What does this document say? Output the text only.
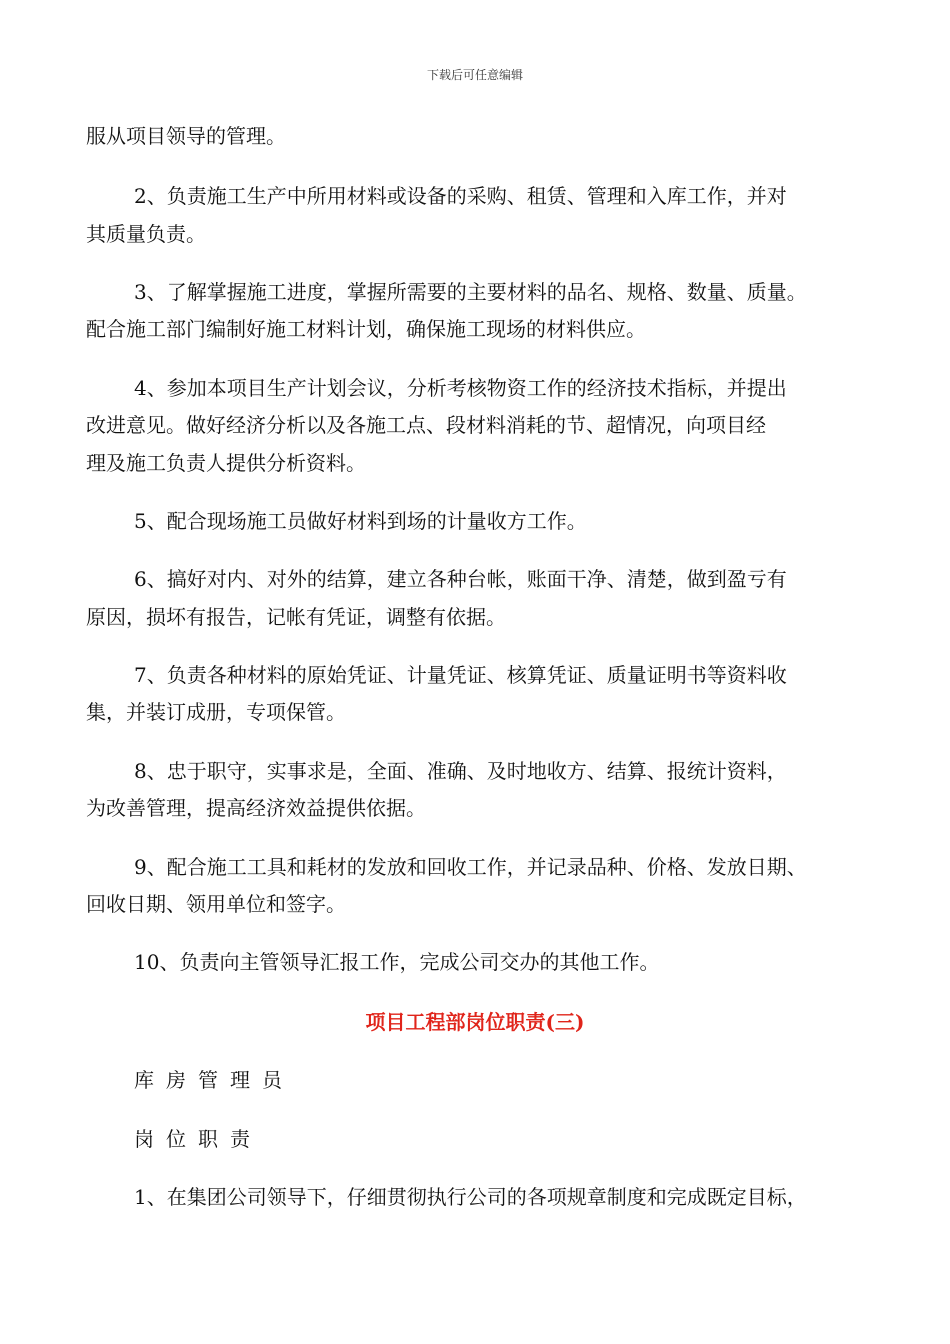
下载后可任意编辑
服从项目领导的管理。
2、负责施工生产中所用材料或设备的采购、租赁、管理和入库工作，并对
其质量负责。
3、了解掌握施工进度，掌握所需要的主要材料的品名、规格、数量、质量。
配合施工部门编制好施工材料计划，确保施工现场的材料供应。
4、参加本项目生产计划会议，分析考核物资工作的经济技术指标，并提出
改进意见。做好经济分析以及各施工点、段材料消耗的节、超情况，向项目经
理及施工负责人提供分析资料。
5、配合现场施工员做好材料到场的计量收方工作。
6、搞好对内、对外的结算，建立各种台帐，账面干净、清楚，做到盈亏有
原因，损坏有报告，记帐有凭证，调整有依据。
7、负责各种材料的原始凭证、计量凭证、核算凭证、质量证明书等资料收
集，并装订成册，专项保管。
8、忠于职守，实事求是，全面、准确、及时地收方、结算、报统计资料，
为改善管理，提高经济效益提供依据。
9、配合施工工具和耗材的发放和回收工作，并记录品种、价格、发放日期、
回收日期、领用单位和签字。
10、负责向主管领导汇报工作，完成公司交办的其他工作。
项目工程部岗位职责(三)
库房管理员
岗位职责
1、在集团公司领导下，仔细贯彻执行公司的各项规章制度和完成既定目标，
